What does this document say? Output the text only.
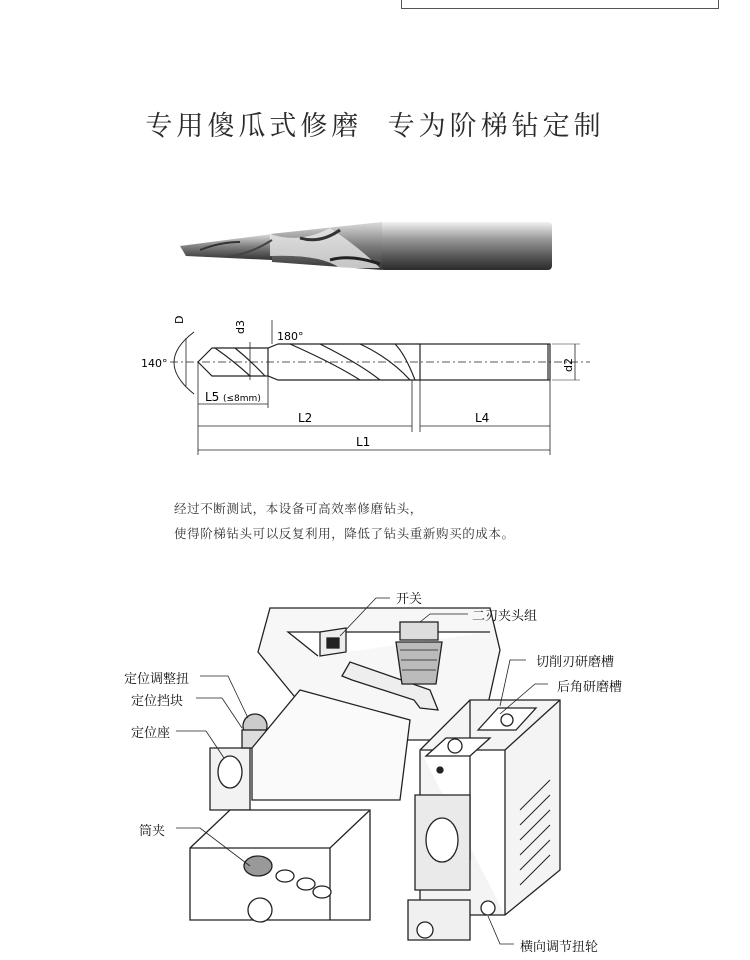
专用傻瓜式修磨  专为阶梯钻定制
140°
180°
D
d3
d2
L5 (≤8mm)
L2	L4
L1
经过不断测试，本设备可高效率修磨钻头，
使得阶梯钻头可以反复利用，降低了钻头重新购买的成本。
开关
二刃夹头组
定位调整扭
定位挡块
定位座
切削刃研磨槽
后角研磨槽
筒夹
横向调节扭轮
